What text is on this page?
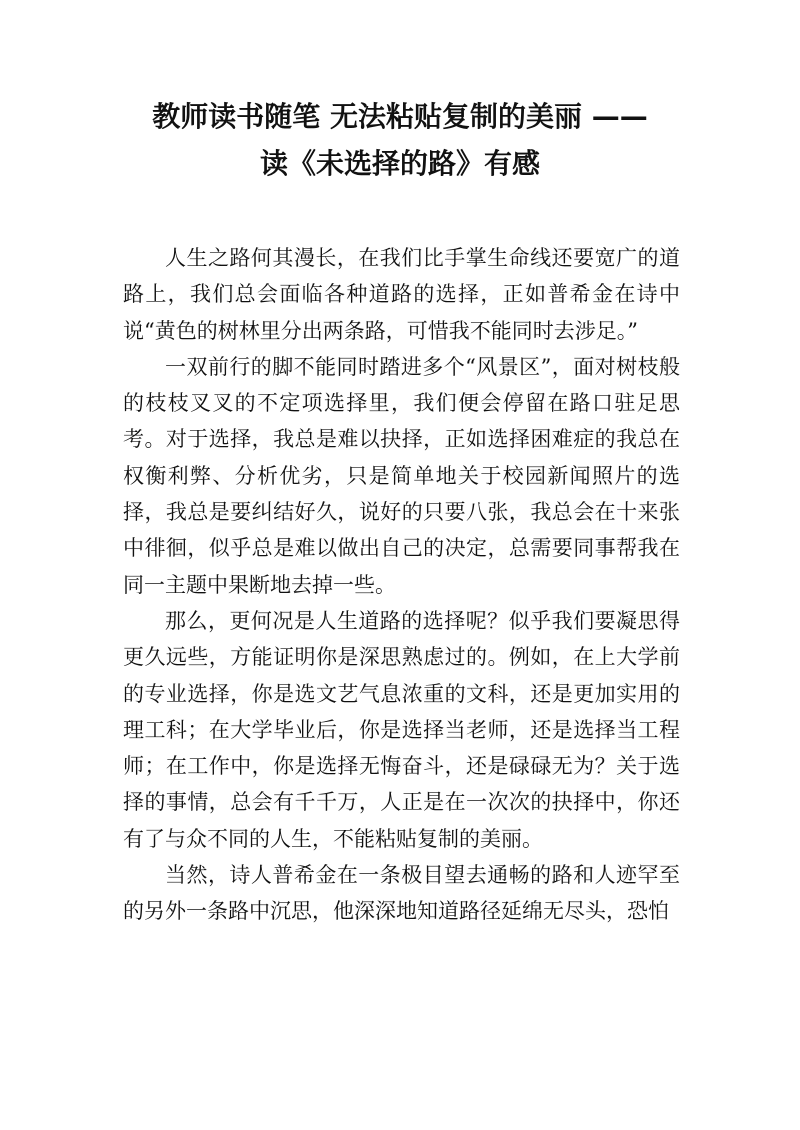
教师读书随笔 无法粘贴复制的美丽 ——
读《未选择的路》有感

人生之路何其漫长，在我们比手掌生命线还要宽广的道路上，我们总会面临各种道路的选择，正如普希金在诗中说“黄色的树林里分出两条路，可惜我不能同时去涉足。”

一双前行的脚不能同时踏进多个“风景区”，面对树枝般的枝枝叉叉的不定项选择里，我们便会停留在路口驻足思考。对于选择，我总是难以抉择，正如选择困难症的我总在权衡利弊、分析优劣，只是简单地关于校园新闻照片的选择，我总是要纠结好久，说好的只要八张，我总会在十来张中徘徊，似乎总是难以做出自己的决定，总需要同事帮我在同一主题中果断地去掉一些。

那么，更何况是人生道路的选择呢？似乎我们要凝思得更久远些，方能证明你是深思熟虑过的。例如，在上大学前的专业选择，你是选文艺气息浓重的文科，还是更加实用的理工科；在大学毕业后，你是选择当老师，还是选择当工程师；在工作中，你是选择无悔奋斗，还是碌碌无为？关于选择的事情，总会有千千万，人正是在一次次的抉择中，你还有了与众不同的人生，不能粘贴复制的美丽。

当然，诗人普希金在一条极目望去通畅的路和人迹罕至的另外一条路中沉思，他深深地知道路径延绵无尽头，恐怕
